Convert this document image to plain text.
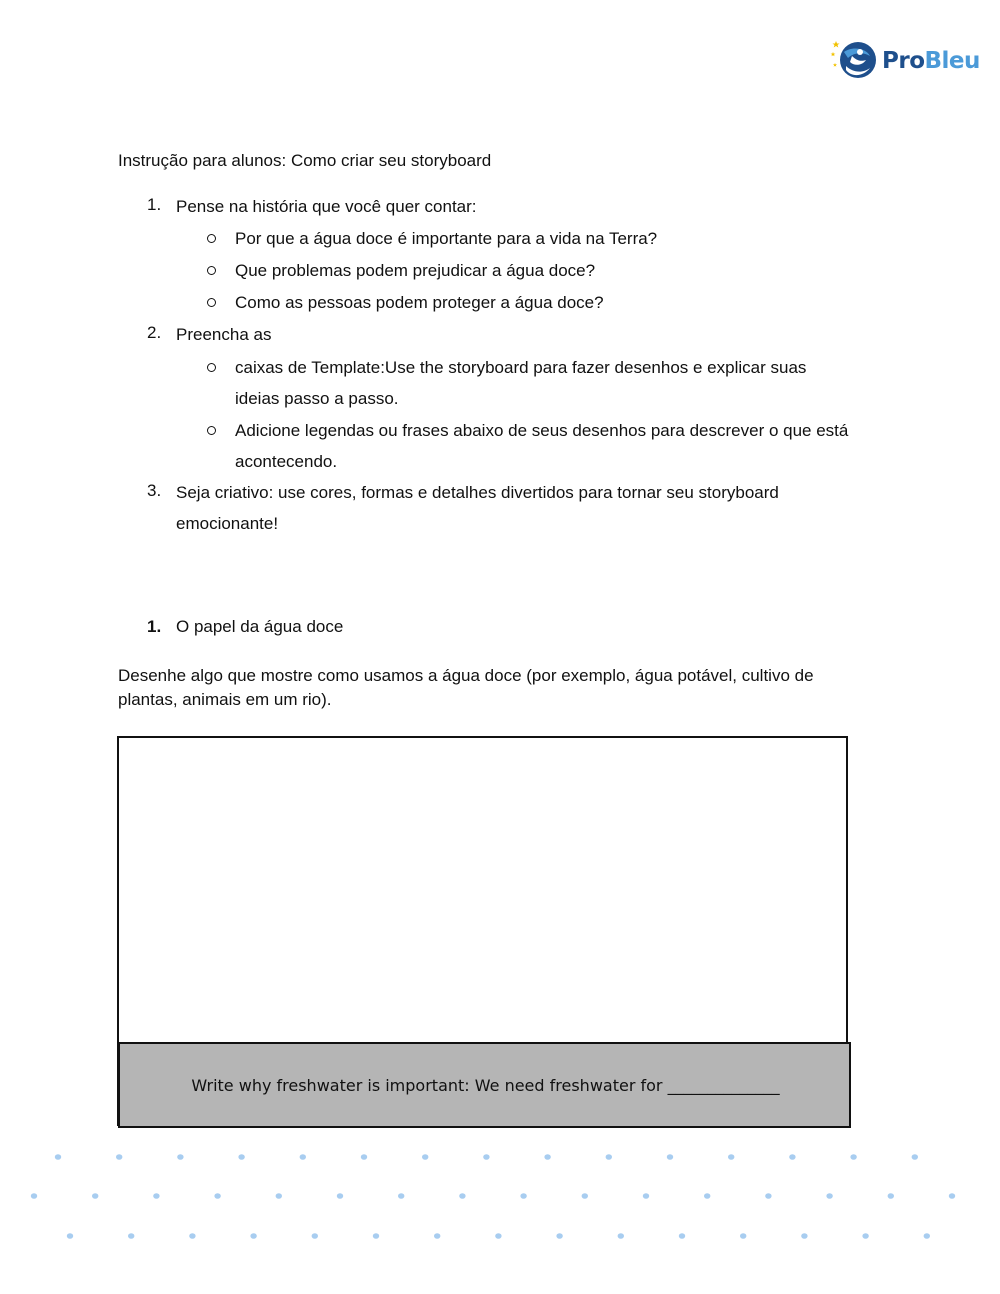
ProBleu
Instrução para alunos: Como criar seu storyboard
1. Pense na história que você quer contar:
Por que a água doce é importante para a vida na Terra?
Que problemas podem prejudicar a água doce?
Como as pessoas podem proteger a água doce?
2. Preencha as
caixas de Template:Use the storyboard para fazer desenhos e explicar suas ideias passo a passo.
Adicione legendas ou frases abaixo de seus desenhos para descrever o que está acontecendo.
3. Seja criativo: use cores, formas e detalhes divertidos para tornar seu storyboard emocionante!
1. O papel da água doce
Desenhe algo que mostre como usamos a água doce (por exemplo, água potável, cultivo de plantas, animais em um rio).
Write why freshwater is important: We need freshwater for ______________
